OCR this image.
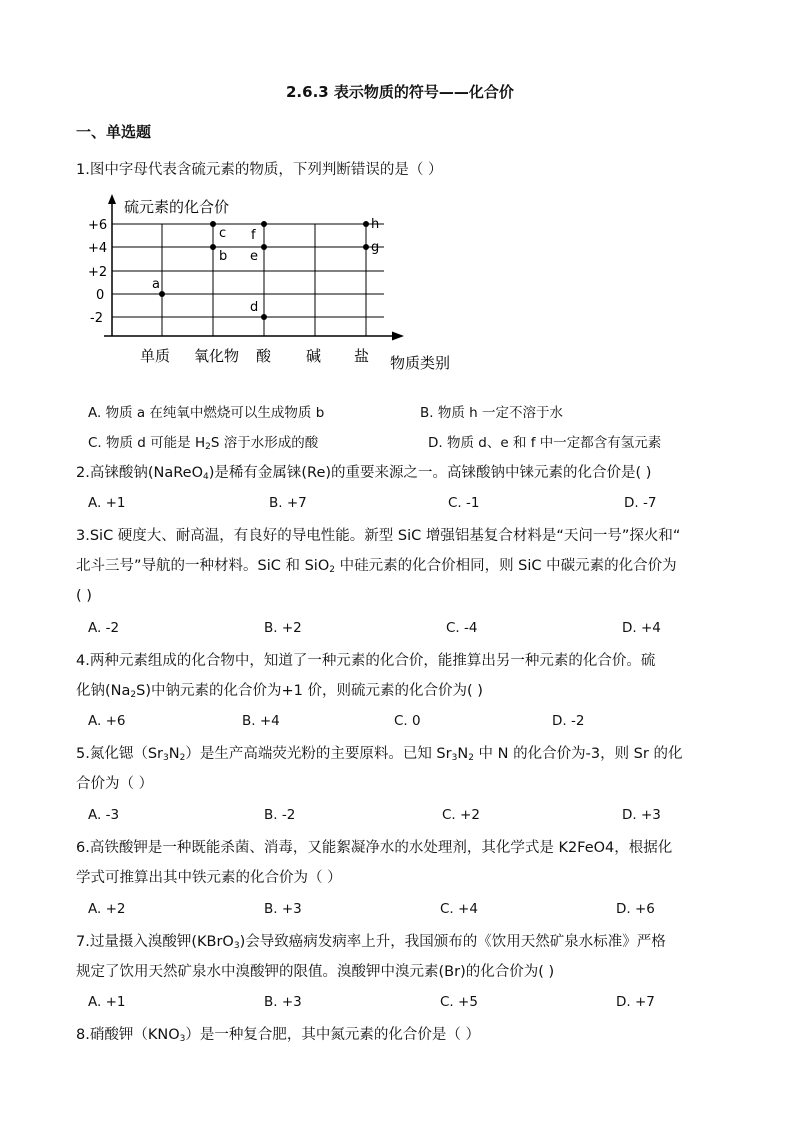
2.6.3 表示物质的符号——化合价
一、单选题
1.图中字母代表含硫元素的物质，下列判断错误的是（ ）
硫元素的化合价
+6
+4
+2
0
-2
单质 氧化物 酸 碱 盐 物质类别
a
b
c
d
e
f
g
h
A. 物质 a 在纯氧中燃烧可以生成物质 b	B. 物质 h 一定不溶于水
C. 物质 d 可能是 $H_2S$ 溶于水形成的酸	D. 物质 d、e 和 f 中一定都含有氢元素
2.高铼酸钠(NaReO$_4$)是稀有金属铼(Re)的重要来源之一。高铼酸钠中铼元素的化合价是( )
A. +1	B. +7	C. -1	D. -7
3.SiC 硬度大、耐高温，有良好的导电性能。新型 SiC 增强铝基复合材料是“天问一号”探火和“
北斗三号”导航的一种材料。SiC 和 SiO$_2$ 中硅元素的化合价相同，则 SiC 中碳元素的化合价为
( )
A. -2	B. +2	C. -4	D. +4
4.两种元素组成的化合物中，知道了一种元素的化合价，能推算出另一种元素的化合价。硫
化钠$(Na_2S)$中钠元素的化合价为+1 价，则硫元素的化合价为( )
A. +6	B. +4	C. 0	D. -2
5.氮化锶$(Sr_3N_2)$是生产高端荧光粉的主要原料。已知 $Sr_3N_2$ 中 N 的化合价为-3，则 Sr 的化
合价为（ ）
A. -3	B. -2	C. +2	D. +3
6.高铁酸钾是一种既能杀菌、消毒，又能絮凝净水的水处理剂，其化学式是 K2FeO4，根据化
学式可推算出其中铁元素的化合价为（ ）
A. +2	B. +3	C. +4	D. +6
7.过量摄入溴酸钾(KBrO$_3$)会导致癌病发病率上升，我国颁布的《饮用天然矿泉水标准》严格
规定了饮用天然矿泉水中溴酸钾的限值。溴酸钾中溴元素(Br)的化合价为( )
A. +1	B. +3	C. +5	D. +7
8.硝酸钾$(KNO_3)$是一种复合肥，其中氮元素的化合价是（ ）
